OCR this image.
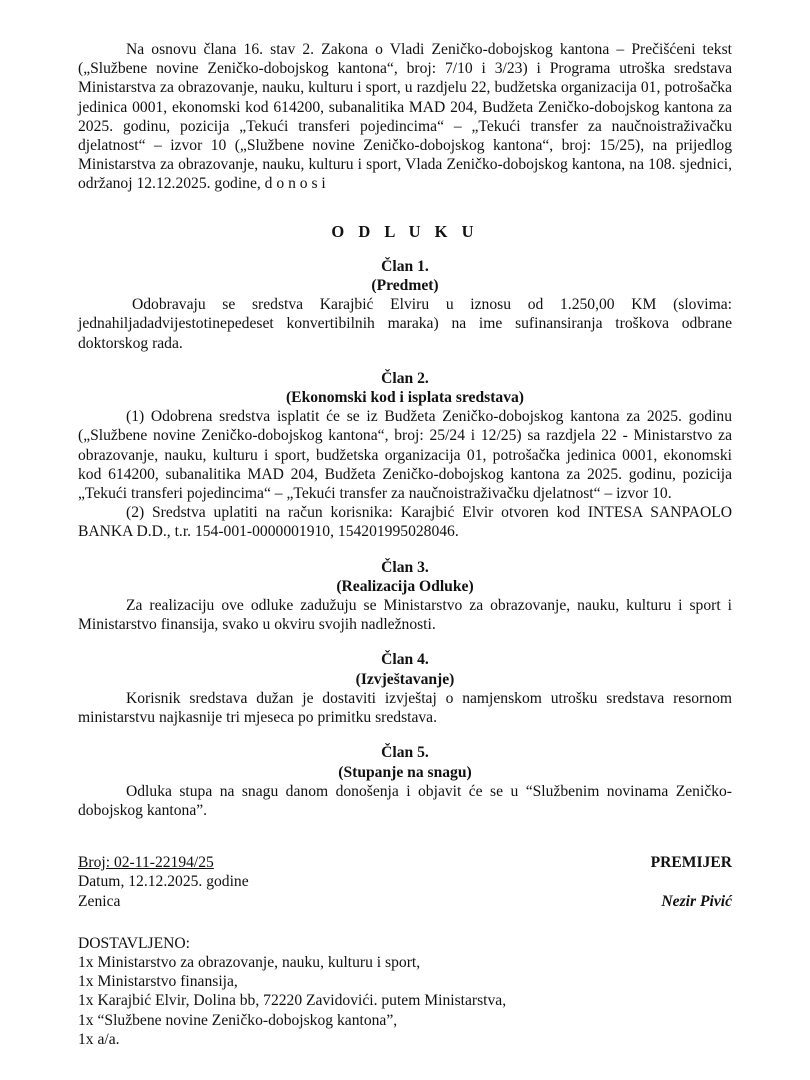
Na osnovu člana 16. stav 2. Zakona o Vladi Zeničko-dobojskog kantona – Prečišćeni tekst („Službene novine Zeničko-dobojskog kantona“, broj: 7/10 i 3/23) i Programa utroška sredstava Ministarstva za obrazovanje, nauku, kulturu i sport, u razdjelu 22, budžetska organizacija 01, potrošačka jedinica 0001, ekonomski kod 614200, subanalitika MAD 204, Budžeta Zeničko-dobojskog kantona za 2025. godinu, pozicija „Tekući transferi pojedincima“ – „Tekući transfer za naučnoistraživačku djelatnost“ – izvor 10 („Službene novine Zeničko-dobojskog kantona“, broj: 15/25), na prijedlog Ministarstva za obrazovanje, nauku, kulturu i sport, Vlada Zeničko-dobojskog kantona, na 108. sjednici, održanoj 12.12.2025. godine, d o n o s i

O D L U K U

Član 1.

(Predmet)

Odobravaju se sredstva Karajbić Elviru u iznosu od 1.250,00 KM (slovima: jednahiljadadvijestotinepedeset konvertibilnih maraka) na ime sufinansiranja troškova odbrane doktorskog rada.

Član 2.

(Ekonomski kod i isplata sredstava)

(1) Odobrena sredstva isplatit će se iz Budžeta Zeničko-dobojskog kantona za 2025. godinu („Službene novine Zeničko-dobojskog kantona“, broj: 25/24 i 12/25) sa razdjela 22 - Ministarstvo za obrazovanje, nauku, kulturu i sport, budžetska organizacija 01, potrošačka jedinica 0001, ekonomski kod 614200, subanalitika MAD 204, Budžeta Zeničko-dobojskog kantona za 2025. godinu, pozicija „Tekući transferi pojedincima“ – „Tekući transfer za naučnoistraživačku djelatnost“ – izvor 10.

(2) Sredstva uplatiti na račun korisnika: Karajbić Elvir otvoren kod INTESA SANPAOLO BANKA D.D., t.r. 154-001-0000001910, 154201995028046.

Član 3.

(Realizacija Odluke)

Za realizaciju ove odluke zadužuju se Ministarstvo za obrazovanje, nauku, kulturu i sport i Ministarstvo finansija, svako u okviru svojih nadležnosti.

Član 4.

(Izvještavanje)

Korisnik sredstava dužan je dostaviti izvještaj o namjenskom utrošku sredstava resornom ministarstvu najkasnije tri mjeseca po primitku sredstava.

Član 5.

(Stupanje na snagu)

Odluka stupa na snagu danom donošenja i objavit će se u “Službenim novinama Zeničko-dobojskog kantona”.

Broj: 02-11-22194/25	PREMIJER
Datum, 12.12.2025. godine
Zenica	Nezir Pivić

DOSTAVLJENO:

1x Ministarstvo za obrazovanje, nauku, kulturu i sport,
1x Ministarstvo finansija,
1x Karajbić Elvir, Dolina bb, 72220 Zavidovići. putem Ministarstva,
1x “Službene novine Zeničko-dobojskog kantona”,
1x a/a.
